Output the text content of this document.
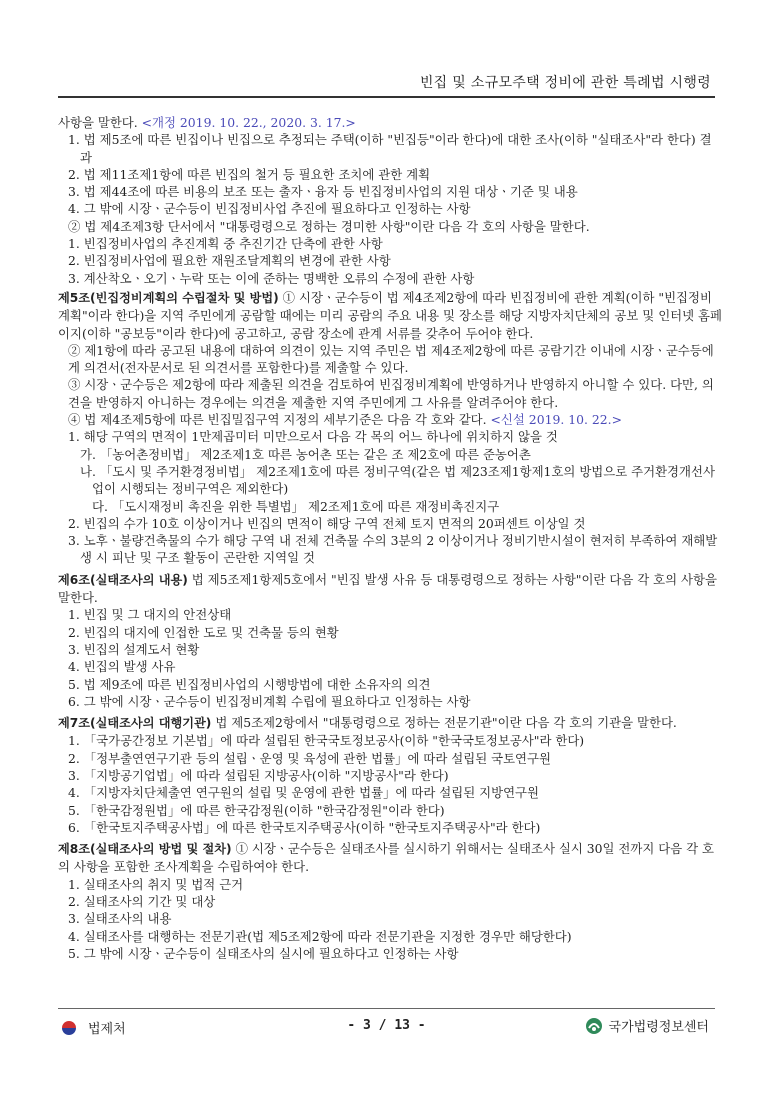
빈집 및 소규모주택 정비에 관한 특례법 시행령
사항을 말한다. <개정 2019. 10. 22., 2020. 3. 17.>
1. 법 제5조에 따른 빈집이나 빈집으로 추정되는 주택(이하 "빈집등"이라 한다)에 대한 조사(이하 "실태조사"라 한다) 결과
2. 법 제11조제1항에 따른 빈집의 철거 등 필요한 조치에 관한 계획
3. 법 제44조에 따른 비용의 보조 또는 출자ㆍ융자 등 빈집정비사업의 지원 대상ㆍ기준 및 내용
4. 그 밖에 시장ㆍ군수등이 빈집정비사업 추진에 필요하다고 인정하는 사항
② 법 제4조제3항 단서에서 "대통령령으로 정하는 경미한 사항"이란 다음 각 호의 사항을 말한다.
1. 빈집정비사업의 추진계획 중 추진기간 단축에 관한 사항
2. 빈집정비사업에 필요한 재원조달계획의 변경에 관한 사항
3. 계산착오ㆍ오기ㆍ누락 또는 이에 준하는 명백한 오류의 수정에 관한 사항
제5조(빈집정비계획의 수립절차 및 방법) ① 시장ㆍ군수등이 법 제4조제2항에 따라 빈집정비에 관한 계획(이하 "빈집정비계획"이라 한다)을 지역 주민에게 공람할 때에는 미리 공람의 주요 내용 및 장소를 해당 지방자치단체의 공보 및 인터넷 홈페이지(이하 "공보등"이라 한다)에 공고하고, 공람 장소에 관계 서류를 갖추어 두어야 한다.
② 제1항에 따라 공고된 내용에 대하여 의견이 있는 지역 주민은 법 제4조제2항에 따른 공람기간 이내에 시장ㆍ군수등에게 의견서(전자문서로 된 의견서를 포함한다)를 제출할 수 있다.
③ 시장ㆍ군수등은 제2항에 따라 제출된 의견을 검토하여 빈집정비계획에 반영하거나 반영하지 아니할 수 있다. 다만, 의견을 반영하지 아니하는 경우에는 의견을 제출한 지역 주민에게 그 사유를 알려주어야 한다.
④ 법 제4조제5항에 따른 빈집밀집구역 지정의 세부기준은 다음 각 호와 같다. <신설 2019. 10. 22.>
1. 해당 구역의 면적이 1만제곱미터 미만으로서 다음 각 목의 어느 하나에 위치하지 않을 것
가. 「농어촌정비법」 제2조제1호 따른 농어촌 또는 같은 조 제2호에 따른 준농어촌
나. 「도시 및 주거환경정비법」 제2조제1호에 따른 정비구역(같은 법 제23조제1항제1호의 방법으로 주거환경개선사업이 시행되는 정비구역은 제외한다)
다. 「도시재정비 촉진을 위한 특별법」 제2조제1호에 따른 재정비촉진지구
2. 빈집의 수가 10호 이상이거나 빈집의 면적이 해당 구역 전체 토지 면적의 20퍼센트 이상일 것
3. 노후ㆍ불량건축물의 수가 해당 구역 내 전체 건축물 수의 3분의 2 이상이거나 정비기반시설이 현저히 부족하여 재해발생 시 피난 및 구조 활동이 곤란한 지역일 것
제6조(실태조사의 내용) 법 제5조제1항제5호에서 "빈집 발생 사유 등 대통령령으로 정하는 사항"이란 다음 각 호의 사항을 말한다.
1. 빈집 및 그 대지의 안전상태
2. 빈집의 대지에 인접한 도로 및 건축물 등의 현황
3. 빈집의 설계도서 현황
4. 빈집의 발생 사유
5. 법 제9조에 따른 빈집정비사업의 시행방법에 대한 소유자의 의견
6. 그 밖에 시장ㆍ군수등이 빈집정비계획 수립에 필요하다고 인정하는 사항
제7조(실태조사의 대행기관) 법 제5조제2항에서 "대통령령으로 정하는 전문기관"이란 다음 각 호의 기관을 말한다.
1. 「국가공간정보 기본법」에 따라 설립된 한국국토정보공사(이하 "한국국토정보공사"라 한다)
2. 「정부출연연구기관 등의 설립ㆍ운영 및 육성에 관한 법률」에 따라 설립된 국토연구원
3. 「지방공기업법」에 따라 설립된 지방공사(이하 "지방공사"라 한다)
4. 「지방자치단체출연 연구원의 설립 및 운영에 관한 법률」에 따라 설립된 지방연구원
5. 「한국감정원법」에 따른 한국감정원(이하 "한국감정원"이라 한다)
6. 「한국토지주택공사법」에 따른 한국토지주택공사(이하 "한국토지주택공사"라 한다)
제8조(실태조사의 방법 및 절차) ① 시장ㆍ군수등은 실태조사를 실시하기 위해서는 실태조사 실시 30일 전까지 다음 각 호의 사항을 포함한 조사계획을 수립하여야 한다.
1. 실태조사의 취지 및 법적 근거
2. 실태조사의 기간 및 대상
3. 실태조사의 내용
4. 실태조사를 대행하는 전문기관(법 제5조제2항에 따라 전문기관을 지정한 경우만 해당한다)
5. 그 밖에 시장ㆍ군수등이 실태조사의 실시에 필요하다고 인정하는 사항
법제처	- 3 / 13 -	국가법령정보센터
